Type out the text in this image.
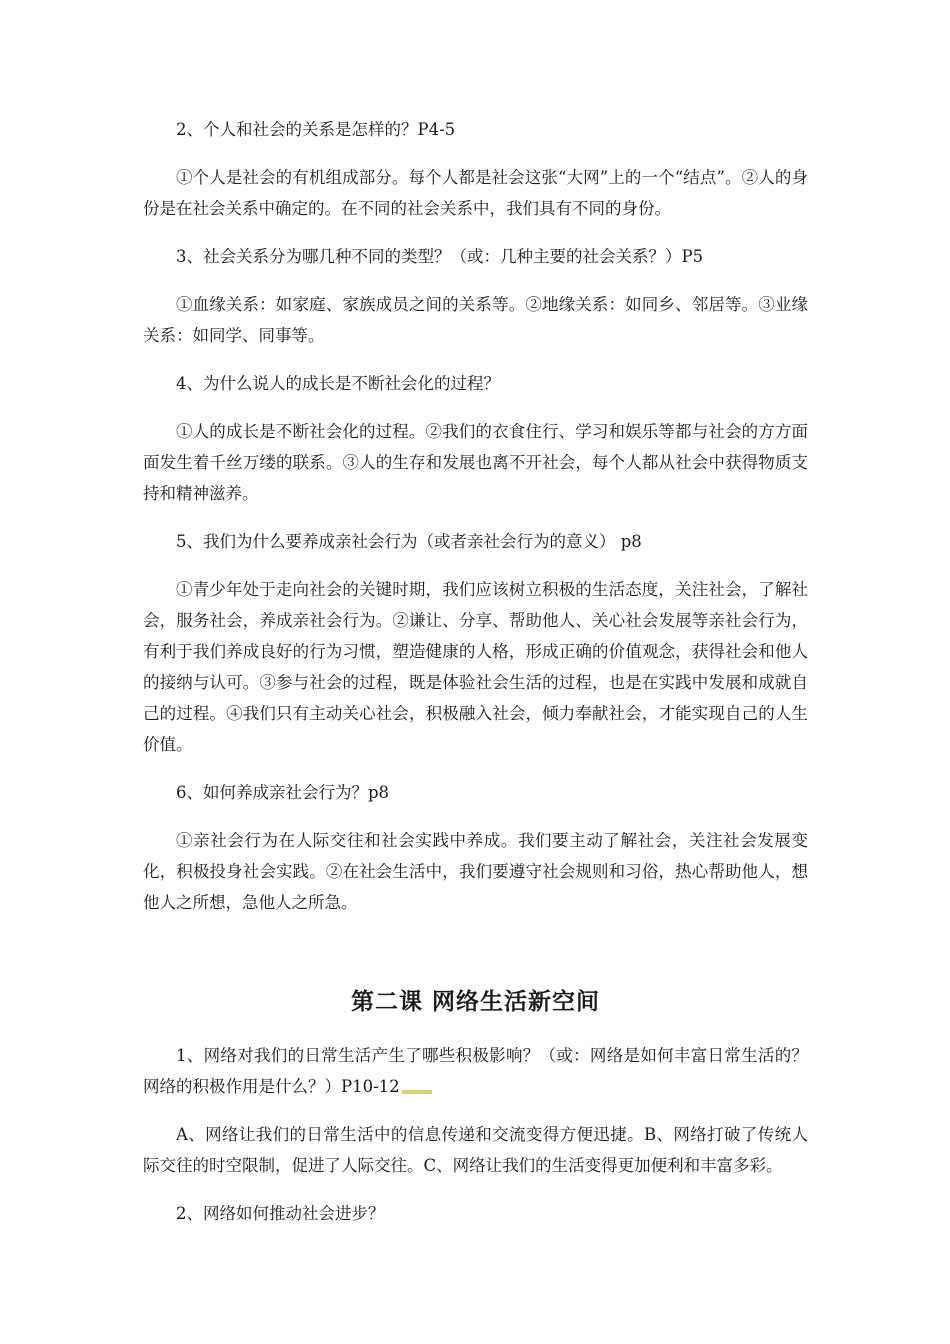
2、个人和社会的关系是怎样的？P4-5

①个人是社会的有机组成部分。每个人都是社会这张“大网”上的一个“结点”。②人的身份是在社会关系中确定的。在不同的社会关系中，我们具有不同的身份。

3、社会关系分为哪几种不同的类型？（或：几种主要的社会关系？）P5

①血缘关系：如家庭、家族成员之间的关系等。②地缘关系：如同乡、邻居等。③业缘关系：如同学、同事等。

4、为什么说人的成长是不断社会化的过程？

①人的成长是不断社会化的过程。②我们的衣食住行、学习和娱乐等都与社会的方方面面发生着千丝万缕的联系。③人的生存和发展也离不开社会，每个人都从社会中获得物质支持和精神滋养。

5、我们为什么要养成亲社会行为（或者亲社会行为的意义） p8

①青少年处于走向社会的关键时期，我们应该树立积极的生活态度，关注社会，了解社会，服务社会，养成亲社会行为。②谦让、分享、帮助他人、关心社会发展等亲社会行为，有利于我们养成良好的行为习惯，塑造健康的人格，形成正确的价值观念，获得社会和他人的接纳与认可。③参与社会的过程，既是体验社会生活的过程，也是在实践中发展和成就自己的过程。④我们只有主动关心社会，积极融入社会，倾力奉献社会，才能实现自己的人生价值。

6、如何养成亲社会行为？p8

①亲社会行为在人际交往和社会实践中养成。我们要主动了解社会，关注社会发展变化，积极投身社会实践。②在社会生活中，我们要遵守社会规则和习俗，热心帮助他人，想他人之所想，急他人之所急。

第二课 网络生活新空间

1、网络对我们的日常生活产生了哪些积极影响？（或：网络是如何丰富日常生活的？网络的积极作用是什么？）P10-12

A、网络让我们的日常生活中的信息传递和交流变得方便迅捷。B、网络打破了传统人际交往的时空限制，促进了人际交往。C、网络让我们的生活变得更加便利和丰富多彩。

2、网络如何推动社会进步？
